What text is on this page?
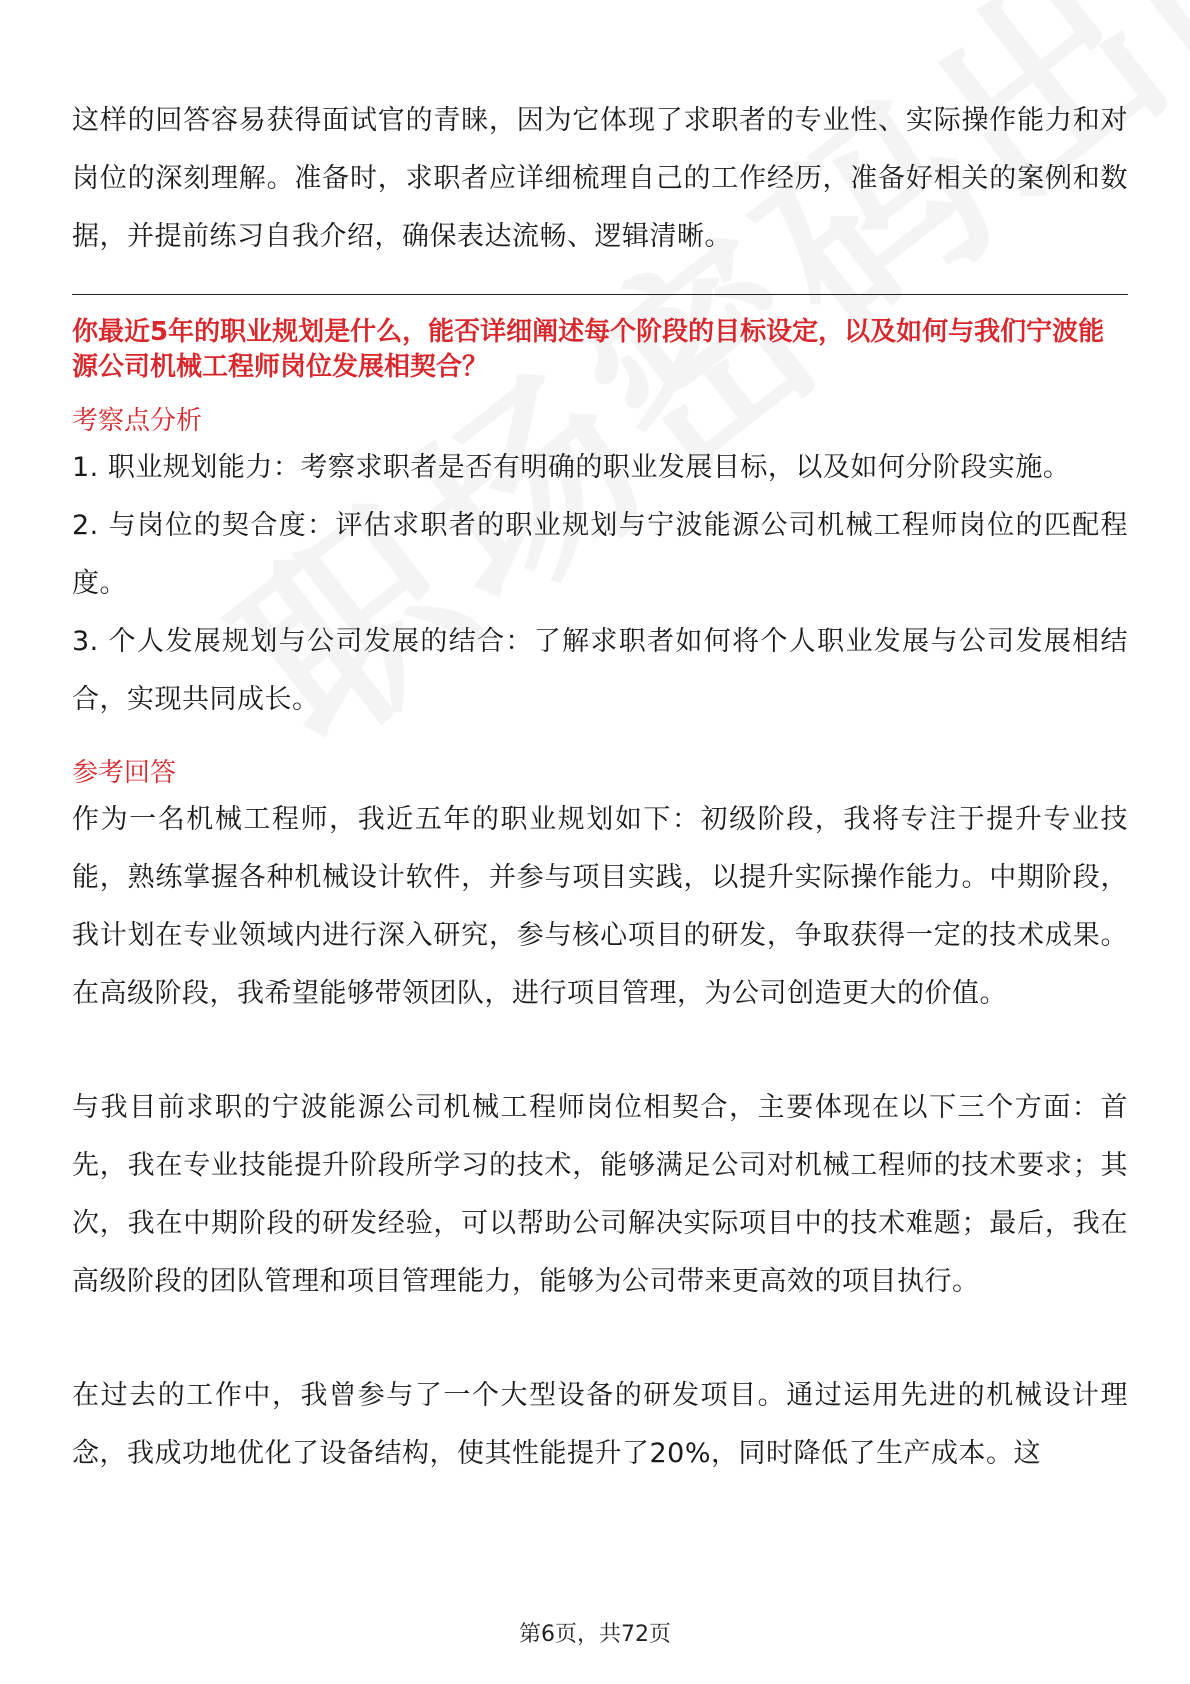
这样的回答容易获得面试官的青睐，因为它体现了求职者的专业性、实际操作能力和对岗位的深刻理解。准备时，求职者应详细梳理自己的工作经历，准备好相关的案例和数据，并提前练习自我介绍，确保表达流畅、逻辑清晰。

你最近5年的职业规划是什么，能否详细阐述每个阶段的目标设定，以及如何与我们宁波能源公司机械工程师岗位发展相契合？
考察点分析

1. 职业规划能力：考察求职者是否有明确的职业发展目标，以及如何分阶段实施。

2. 与岗位的契合度：评估求职者的职业规划与宁波能源公司机械工程师岗位的匹配程度。

3. 个人发展规划与公司发展的结合：了解求职者如何将个人职业发展与公司发展相结合，实现共同成长。

参考回答

作为一名机械工程师，我近五年的职业规划如下：初级阶段，我将专注于提升专业技能，熟练掌握各种机械设计软件，并参与项目实践，以提升实际操作能力。中期阶段，我计划在专业领域内进行深入研究，参与核心项目的研发，争取获得一定的技术成果。在高级阶段，我希望能够带领团队，进行项目管理，为公司创造更大的价值。

与我目前求职的宁波能源公司机械工程师岗位相契合，主要体现在以下三个方面：首先，我在专业技能提升阶段所学习的技术，能够满足公司对机械工程师的技术要求；其次，我在中期阶段的研发经验，可以帮助公司解决实际项目中的技术难题；最后，我在高级阶段的团队管理和项目管理能力，能够为公司带来更高效的项目执行。

在过去的工作中，我曾参与了一个大型设备的研发项目。通过运用先进的机械设计理念，我成功地优化了设备结构，使其性能提升了20%，同时降低了生产成本。这

第6页，共72页
